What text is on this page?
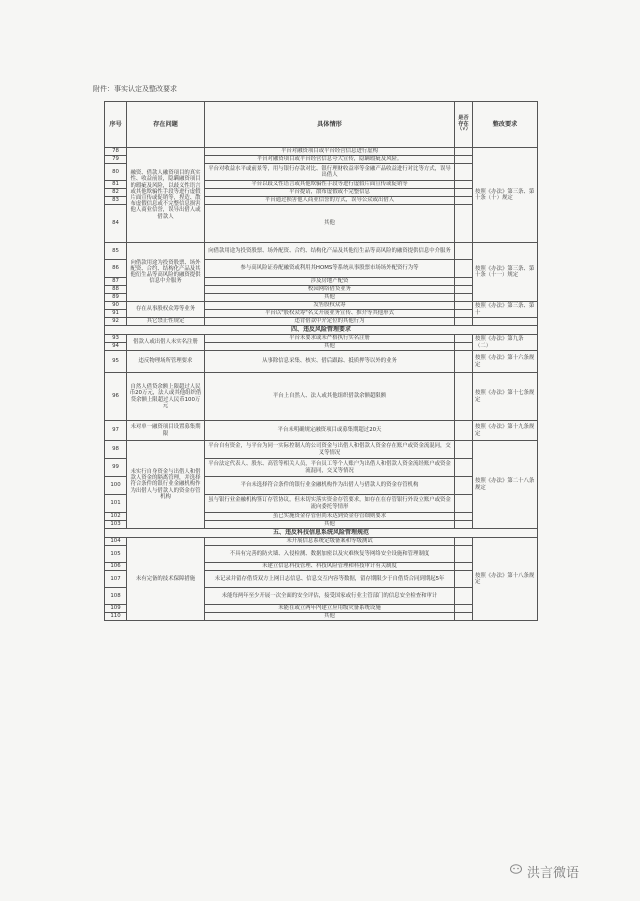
附件：事实认定及整改要求
序号	存在问题	具体情形	是否存在（√）	整改要求
78	融资、借款人融资项目的真实性、收益前景，隐瞒融资项目的瑕疵及风险，以歧义性语言或其他欺骗性手段等进行虚假片面宣传或促销等，捏造、散布虚假信息或不完整信息损害他人商业信誉，误导出借人或借款人	平台对融资项目或平台经营信息进行虚构		按照《办法》第三条、第十条（十）规定
79		平台对融资项目或平台经营信息夸大宣传，隐瞒瑕疵及风险。		
80		平台对收益水平或前景等，用与银行存款对比、银行理财收益率等金融产品收益进行对比等方式，误导出借人		
81		平台以歧义性语言或其他欺骗性手段等进行虚假片面宣传或促销等		
82		平台提请，散布虚假或不完整信息		
83		平台通过损害他人商业信誉的方式，误导公众或出借人		
84		其他		
85	向借款用途为投资股票、场外配资、合约、结构化产品及其他衍生品等高风险的融资提供信息中介服务	向借款用途为投资股票、场外配资、合约、结构化产品及其他衍生品等高风险的融资提供信息中介服务		按照《办法》第三条、第十条（十一）规定
86		参与高风险证券配融资或利用其HOMS等系统从事股票市场场外配资行为等		
87		涉及房地产配资		
88		校园网络借贷业务		
89		其他		
90	存在从事股权众筹等业务	发售股权众筹		按照《办法》第三条、第十
91		平台以"股权众筹"名义开展业务宣传、推介等其他形式		
92	其它禁止性规定	违背借款中介定位的其他行为		
四、违反风险管理要求				
93	借款人或出借人未实名注册	平台未要求或未严格执行实名注册		按照《办法》第九条（二）
94		其他		
95	违反物理场所管理要求	从事除信息采集、核实、借后跟踪、抵质押等以外的业务		按照《办法》第十六条规定
96	自然人借贷余额上限超过人民币20万元，法人或其他组织借贷余额上限超过人民币100万元	平台上自然人、法人或其他组织借款余额超限额		按照《办法》第十七条规定
97	未对单一融资项目设置募集期限	平台未明确规定融资项目或募集期超过20天		按照《办法》第十九条规定
98	未实行自身资金与出借人和借款人资金的隔离管理，并选择符合条件的银行业金融机构作为出借人与借款人的资金存管机构	平台自有资金，与平台为同一实际控制人的公司资金与出借人和借款人资金存在账户或资金流混同，交叉等情况		按照《办法》第二十八条规定
99		平台法定代表人、股东、高管等相关人员，平台员工等个人账户为出借人和借款人资金流经账户或资金流混同，交叉等情况		
100		平台未选择符合条件的银行业金融机构作为出借人与借款人的资金存管机构		
101		虽与银行业金融机构签订存管协议，但未切实落实资金存管要求，如存在在存管银行外设立账户或资金流向委托等情形		
102		虽已实施资金存管但尚未达到资金存管细则要求		
103		其他		
五、违反科技信息系统风险管理规范				
104	未有完备的技术保障措施	未开展信息系统定级备案和等级测试		按照《办法》第十八条规定
105		不具有完善的防火墙、入侵检测、数据加密以及灾难恢复等网络安全设施和管理制度		
106		未建立信息科技管理、科技风险管理和科技审计有关制度		
107		未记录并留存借贷双方上网日志信息、信息交互内容等数据，留存期限少于自借贷合同到期起5年		
108		未能每两年至少开展一次全面的安全评估，接受国家或行业主管部门的信息安全检查和审计		
109		未能在或立两年内建立应用级灾备系统设施		
110		其他		
洪言微语
